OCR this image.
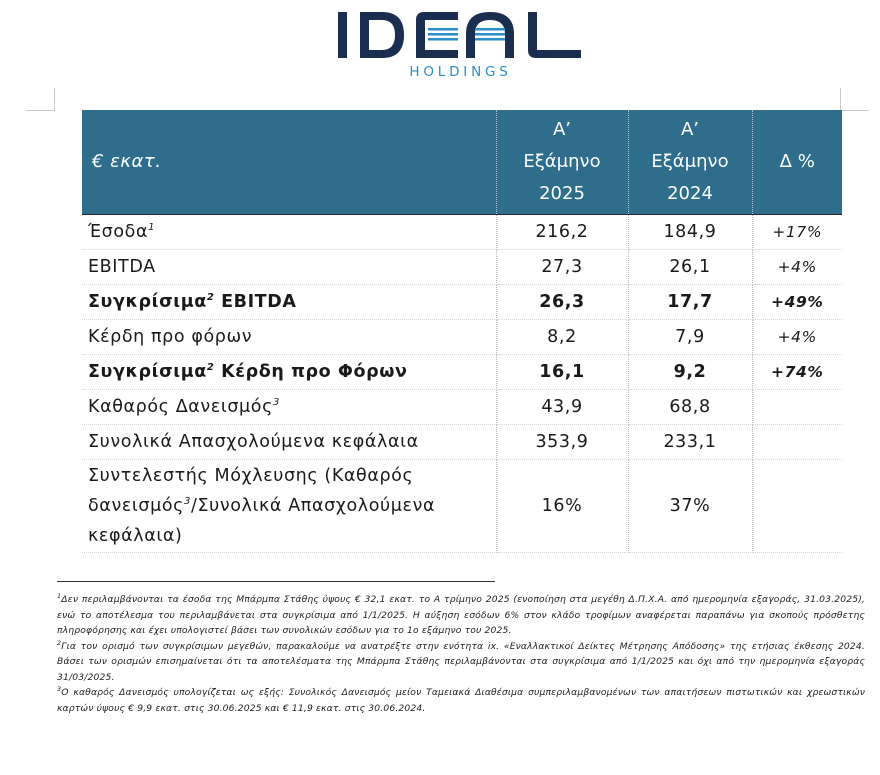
HOLDINGS
€ εκατ.	Α’
Εξάμηνο
2025	Α’
Εξάμηνο
2024	Δ %
Έσοδα$^1$	216,2	184,9	+17%
EBITDA	27,3	26,1	+4%
Συγκρίσιμα$^2$ EBITDA	26,3	17,7	+49%
Κέρδη προ φόρων	8,2	7,9	+4%
Συγκρίσιμα$^2$ Κέρδη προ Φόρων	16,1	9,2	+74%
Καθαρός Δανεισμός$^3$	43,9	68,8	
Συνολικά Απασχολούμενα κεφάλαια	353,9	233,1	
Συντελεστής Μόχλευσης (Καθαρός δανεισμός$^3$/Συνολικά Απασχολούμενα κεφάλαια)	16%	37%	

$^1$Δεν περιλαμβάνονται τα έσοδα της Μπάρμπα Στάθης ύψους € 32,1 εκατ. το Α τρίμηνο 2025 (ενοποίηση στα μεγέθη Δ.Π.Χ.Α. από ημερομηνία εξαγοράς, 31.03.2025), ενώ το αποτέλεσμα του περιλαμβάνεται στα συγκρίσιμα από 1/1/2025. Η αύξηση εσόδων 6% στον κλάδο τροφίμων αναφέρεται παραπάνω για σκοπούς πρόσθετης πληροφόρησης και έχει υπολογιστεί βάσει των συνολικών εσόδων για το 1ο εξάμηνο του 2025.

$^2$Για τον ορισμό των συγκρίσιμων μεγεθών, παρακαλούμε να ανατρέξτε στην ενότητα ix. «Εναλλακτικοί Δείκτες Μέτρησης Απόδοσης» της ετήσιας έκθεσης 2024. Βάσει των ορισμών επισημαίνεται ότι τα αποτελέσματα της Μπάρμπα Στάθης περιλαμβάνονται στα συγκρίσιμα από 1/1/2025 και όχι από την ημερομηνία εξαγοράς 31/03/2025.

$^3$Ο καθαρός Δανεισμός υπολογίζεται ως εξής: Συνολικός Δανεισμός μείον Ταμειακά Διαθέσιμα συμπεριλαμβανομένων των απαιτήσεων πιστωτικών και χρεωστικών καρτών ύψους € 9,9 εκατ. στις 30.06.2025 και € 11,9 εκατ. στις 30.06.2024.
